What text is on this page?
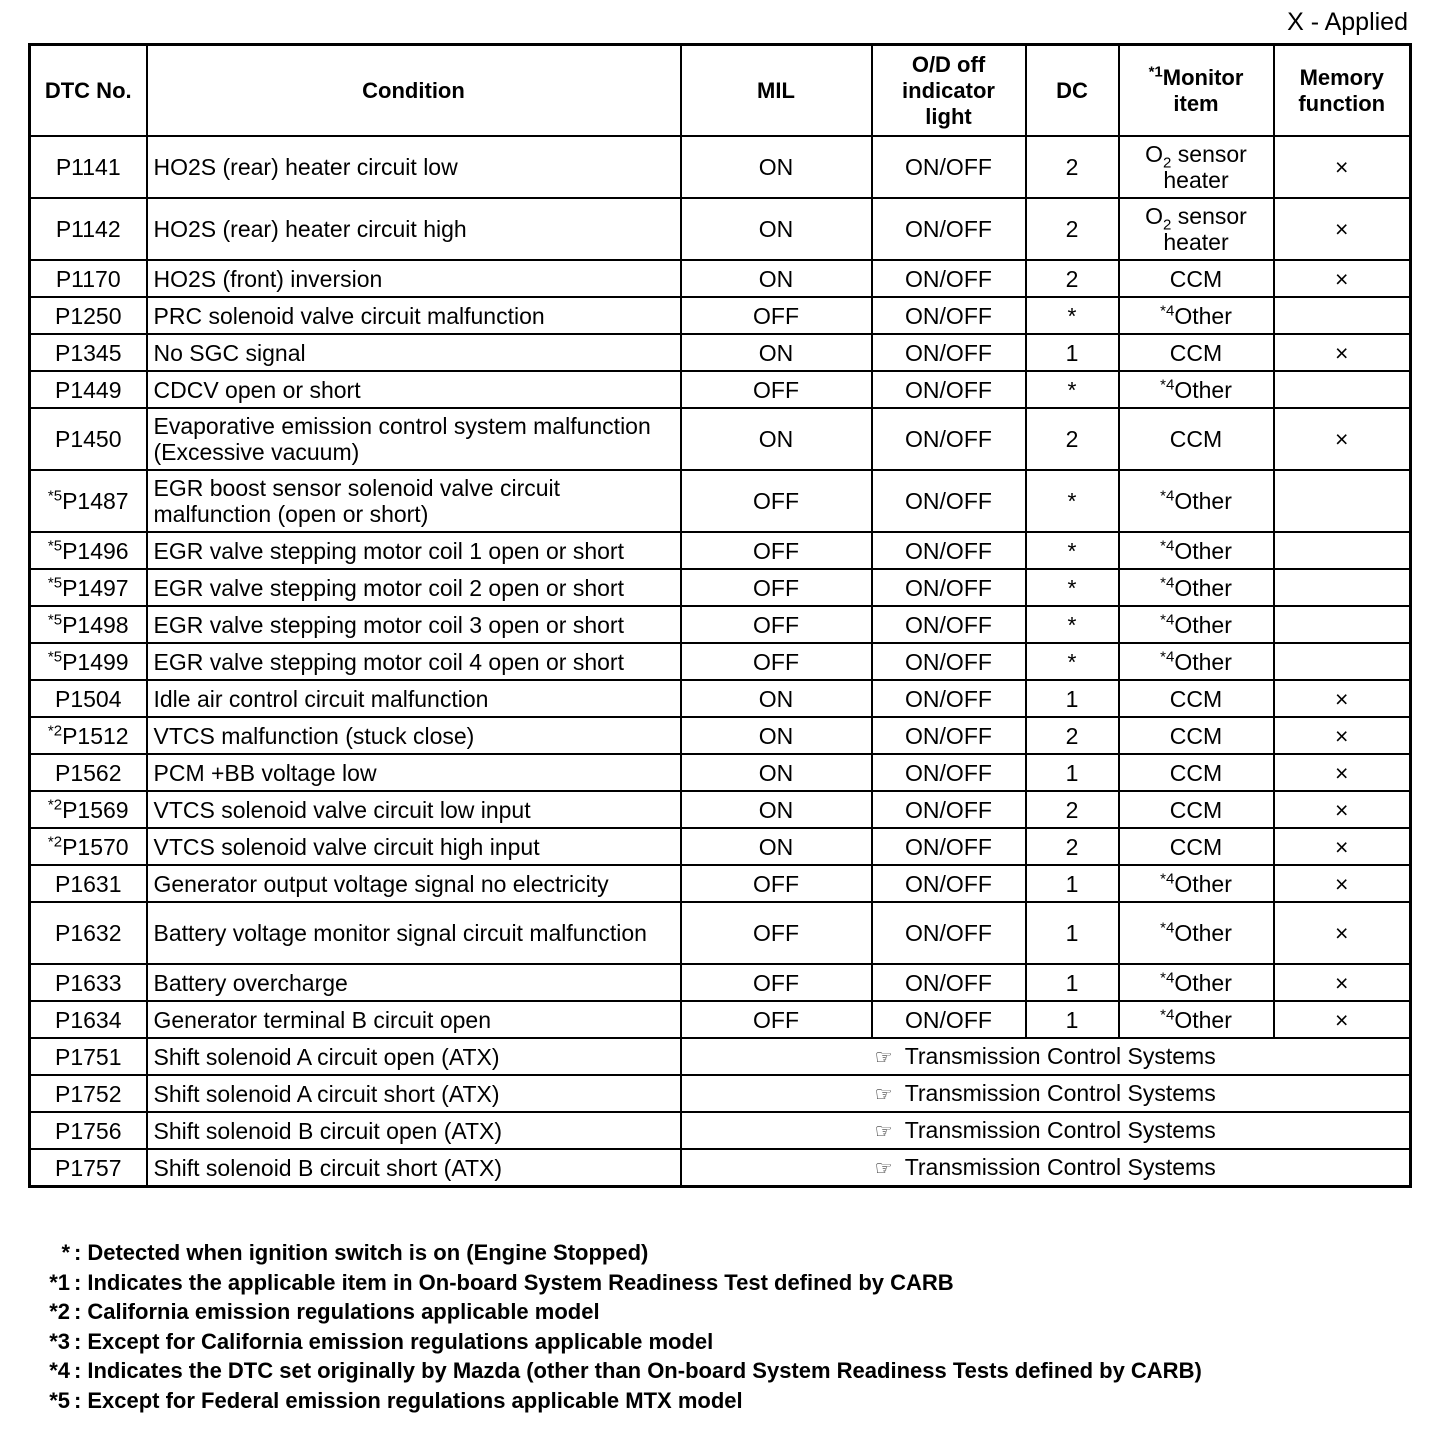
X - Applied
DTC No.	Condition	MIL	O/D off indicator light	DC	$^{*1}$Monitor item	Memory function
P1141	HO2S (rear) heater circuit low	ON	ON/OFF	2	$O_2$ sensor heater	×
P1142	HO2S (rear) heater circuit high	ON	ON/OFF	2	$O_2$ sensor heater	×
P1170	HO2S (front) inversion	ON	ON/OFF	2	CCM	×
P1250	PRC solenoid valve circuit malfunction	OFF	ON/OFF	*	$^{*4}$Other	
P1345	No SGC signal	ON	ON/OFF	1	CCM	×
P1449	CDCV open or short	OFF	ON/OFF	*	$^{*4}$Other	
P1450	Evaporative emission control system malfunction (Excessive vacuum)	ON	ON/OFF	2	CCM	×
$^{*5}$P1487	EGR boost sensor solenoid valve circuit malfunction (open or short)	OFF	ON/OFF	*	$^{*4}$Other	
$^{*5}$P1496	EGR valve stepping motor coil 1 open or short	OFF	ON/OFF	*	$^{*4}$Other	
$^{*5}$P1497	EGR valve stepping motor coil 2 open or short	OFF	ON/OFF	*	$^{*4}$Other	
$^{*5}$P1498	EGR valve stepping motor coil 3 open or short	OFF	ON/OFF	*	$^{*4}$Other	
$^{*5}$P1499	EGR valve stepping motor coil 4 open or short	OFF	ON/OFF	*	$^{*4}$Other	
P1504	Idle air control circuit malfunction	ON	ON/OFF	1	CCM	×
$^{*2}$P1512	VTCS malfunction (stuck close)	ON	ON/OFF	2	CCM	×
P1562	PCM +BB voltage low	ON	ON/OFF	1	CCM	×
$^{*2}$P1569	VTCS solenoid valve circuit low input	ON	ON/OFF	2	CCM	×
$^{*2}$P1570	VTCS solenoid valve circuit high input	ON	ON/OFF	2	CCM	×
P1631	Generator output voltage signal no electricity	OFF	ON/OFF	1	$^{*4}$Other	×
P1632	Battery voltage monitor signal circuit malfunction	OFF	ON/OFF	1	$^{*4}$Other	×
P1633	Battery overcharge	OFF	ON/OFF	1	$^{*4}$Other	×
P1634	Generator terminal B circuit open	OFF	ON/OFF	1	$^{*4}$Other	×
P1751	Shift solenoid A circuit open (ATX)	☞ Transmission Control Systems				
P1752	Shift solenoid A circuit short (ATX)	☞ Transmission Control Systems				
P1756	Shift solenoid B circuit open (ATX)	☞ Transmission Control Systems				
P1757	Shift solenoid B circuit short (ATX)	☞ Transmission Control Systems				
* : Detected when ignition switch is on (Engine Stopped)
*1 : Indicates the applicable item in On-board System Readiness Test defined by CARB
*2 : California emission regulations applicable model
*3 : Except for California emission regulations applicable model
*4 : Indicates the DTC set originally by Mazda (other than On-board System Readiness Tests defined by CARB)
*5 : Except for Federal emission regulations applicable MTX model
